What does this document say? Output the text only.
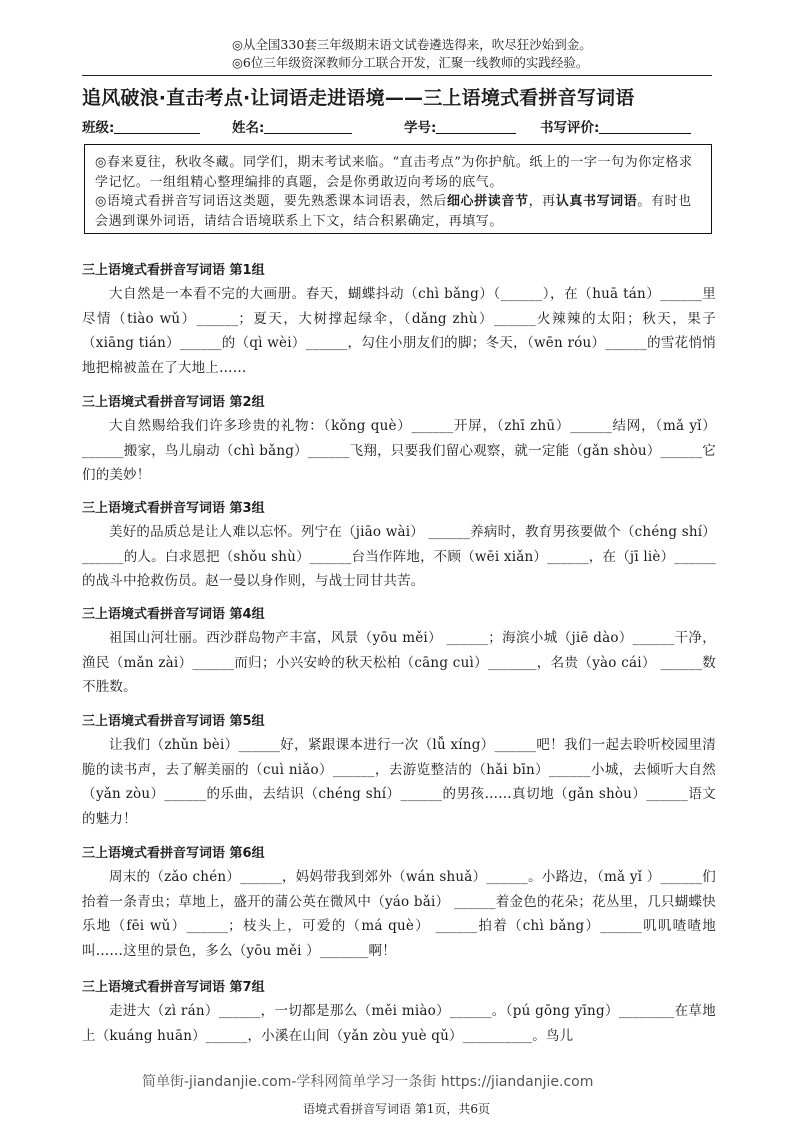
◎从全国330套三年级期末语文试卷遴选得来，吹尽狂沙始到金。
◎6位三年级资深教师分工联合开发，汇聚一线教师的实践经验。
追风破浪·直击考点·让词语走进语境——三上语境式看拼音写词语
班级:	姓名:	学号:	书写评价:

◎春来夏往，秋收冬藏。同学们，期末考试来临。“直击考点”为你护航。纸上的一字一句为你定格求学记忆。一组组精心整理编排的真题，会是你勇敢迈向考场的底气。

◎语境式看拼音写词语这类题，要先熟悉课本词语表，然后细心拼读音节，再认真书写词语。有时也会遇到课外词语，请结合语境联系上下文，结合积累确定，再填写。

三上语境式看拼音写词语 第1组

大自然是一本看不完的大画册。春天，蝴蝶抖动（chì bǎng）（______），在（huā tán）______里尽情（tiào wǔ）______；夏天，大树撑起绿伞，（dǎng zhù）______火辣辣的太阳；秋天，果子（xiāng tián）______的（qì wèi）______，勾住小朋友们的脚；冬天，（wēn róu）______的雪花悄悄地把棉被盖在了大地上……

三上语境式看拼音写词语 第2组

大自然赐给我们许多珍贵的礼物：（kǒng què）______开屏，（zhī zhū）______结网，（mǎ yǐ）______搬家，鸟儿扇动（chì bǎng）______飞翔，只要我们留心观察，就一定能（gǎn shòu）______它们的美妙！

三上语境式看拼音写词语 第3组

美好的品质总是让人难以忘怀。列宁在（jiāo wài） ______养病时，教育男孩要做个（chéng shí）______的人。白求恩把（shǒu shù）______台当作阵地，不顾（wēi xiǎn）______，在（jī liè）______的战斗中抢救伤员。赵一曼以身作则，与战士同甘共苦。

三上语境式看拼音写词语 第4组

祖国山河壮丽。西沙群岛物产丰富，风景（yōu měi） ______；海滨小城（jiē dào）______干净，渔民（mǎn zài）______而归；小兴安岭的秋天松柏（cāng cuì）_______，名贵（yào cái） ______数不胜数。

三上语境式看拼音写词语 第5组

让我们（zhǔn bèi）______好，紧跟课本进行一次（lǚ xíng）______吧！我们一起去聆听校园里清脆的读书声，去了解美丽的（cuì niǎo）______，去游览整洁的（hǎi bīn）______小城，去倾听大自然（yǎn zòu）______的乐曲，去结识（chéng shí）______的男孩……真切地（gǎn shòu）______语文的魅力！

三上语境式看拼音写词语 第6组

周末的（zǎo chén）______，妈妈带我到郊外（wán shuǎ）______。小路边，（mǎ yǐ ）______们抬着一条青虫；草地上，盛开的蒲公英在微风中（yáo bǎi） ______着金色的花朵；花丛里，几只蝴蝶快乐地（fēi wǔ）______；枝头上，可爱的（má què） ______拍着（chì bǎng）______叽叽喳喳地叫……这里的景色，多么（yōu měi ）_______啊！

三上语境式看拼音写词语 第7组

走进大（zì rán）______，一切都是那么（měi miào）______。（pú gōng yīng）________在草地上（kuáng huān）______，小溪在山间（yǎn zòu yuè qǔ）__________。鸟儿

简单街-jiandanjie.com-学科网简单学习一条街 https://jiandanjie.com
语境式看拼音写词语 第1页，共6页
